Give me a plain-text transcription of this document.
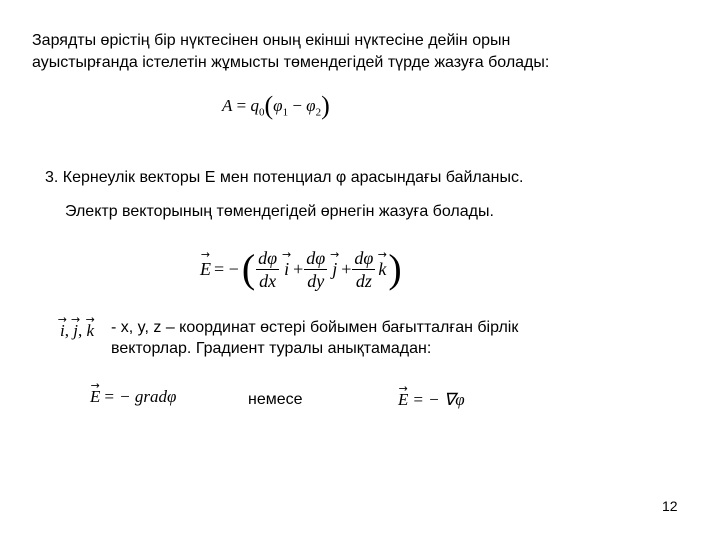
Зарядты өрістің бір нүктесінен оның екінші нүктесіне дейін орын
ауыстырғанда істелетін жұмысты төмендегідей түрде жазуға болады:
$A = q_0(\varphi_1 - \varphi_2)$
3. Кернеулік векторы Е мен потенциал φ арасындағы байланыс.
Электр векторының төмендегідей өрнегін жазуға болады.
→ E = − ( $\frac{d\varphi}{dx}$
→ $i + \frac{d\varphi}{dy}$
→ $j + \frac{d\varphi}{dz}$
→ k )
→ i, → j, → k - x, y, z – координат өстері бойымен бағытталған бірлік
векторлар. Градиент туралы анықтамадан:
→ E = − gradφ	немесе
→	E = − ∇φ
12
